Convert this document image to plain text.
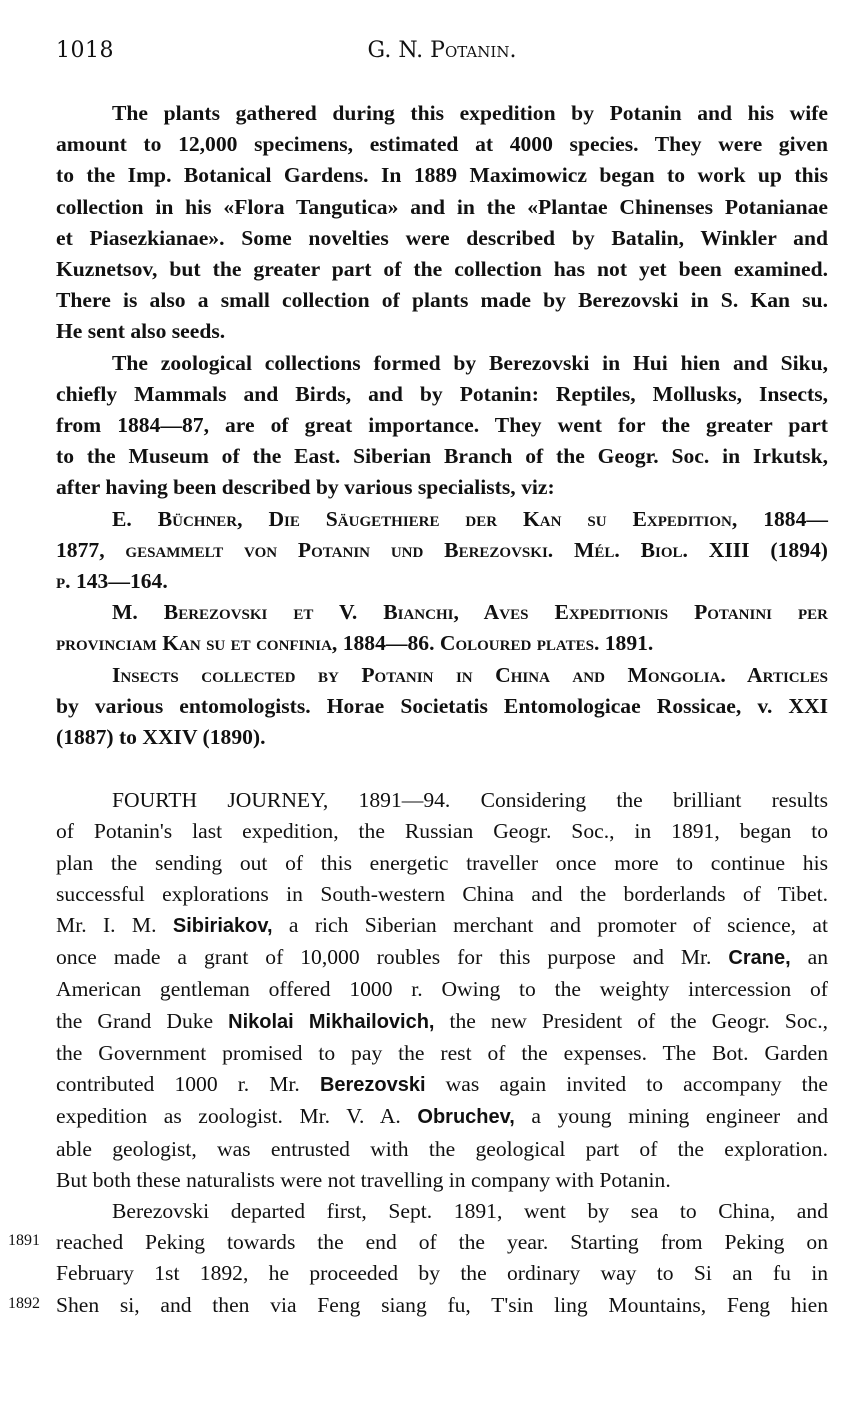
1018	G. N. Potanin.

The plants gathered during this expedition by Potanin and his wife
amount to 12,000 specimens, estimated at 4000 species. They were given
to the Imp. Botanical Gardens. In 1889 Maximowicz began to work up this
collection in his «Flora Tangutica» and in the «Plantae Chinenses Potanianae
et Piasezkianae». Some novelties were described by Batalin, Winkler and
Kuznetsov, but the greater part of the collection has not yet been examined.
There is also a small collection of plants made by Berezovski in S. Kan su.
He sent also seeds.

The zoological collections formed by Berezovski in Hui hien and Siku,
chiefly Mammals and Birds, and by Potanin: Reptiles, Mollusks, Insects,
from 1884—87, are of great importance. They went for the greater part
to the Museum of the East. Siberian Branch of the Geogr. Soc. in Irkutsk,
after having been described by various specialists, viz:

E. Büchner, Die Säugethiere der Kan su Expedition, 1884—
1877, gesammelt von Potanin und Berezovski. Mél. Biol. XIII (1894)
p. 143—164.

M. Berezovski et V. Bianchi, Aves Expeditionis Potanini per
provinciam Kan su et confinia, 1884—86. Coloured plates. 1891.

Insects collected by Potanin in China and Mongolia. Articles
by various entomologists. Horae Societatis Entomologicae Rossicae, v. XXI
(1887) to XXIV (1890).

FOURTH JOURNEY, 1891—94. Considering the brilliant results
of Potanin's last expedition, the Russian Geogr. Soc., in 1891, began to
plan the sending out of this energetic traveller once more to continue his
successful explorations in South-western China and the borderlands of Tibet.
Mr. I. M. Sibiriakov, a rich Siberian merchant and promoter of science, at
once made a grant of 10,000 roubles for this purpose and Mr. Crane, an
American gentleman offered 1000 r. Owing to the weighty intercession of
the Grand Duke Nikolai Mikhailovich, the new President of the Geogr. Soc.,
the Government promised to pay the rest of the expenses. The Bot. Garden
contributed 1000 r. Mr. Berezovski was again invited to accompany the
expedition as zoologist. Mr. V. A. Obruchev, a young mining engineer and
able geologist, was entrusted with the geological part of the exploration.
But both these naturalists were not travelling in company with Potanin.

Berezovski departed first, Sept. 1891, went by sea to China, and
reached Peking towards the end of the year. Starting from Peking on
February 1st 1892, he proceeded by the ordinary way to Si an fu in
Shen si, and then via Feng siang fu, T'sin ling Mountains, Feng hien

1891
1892
